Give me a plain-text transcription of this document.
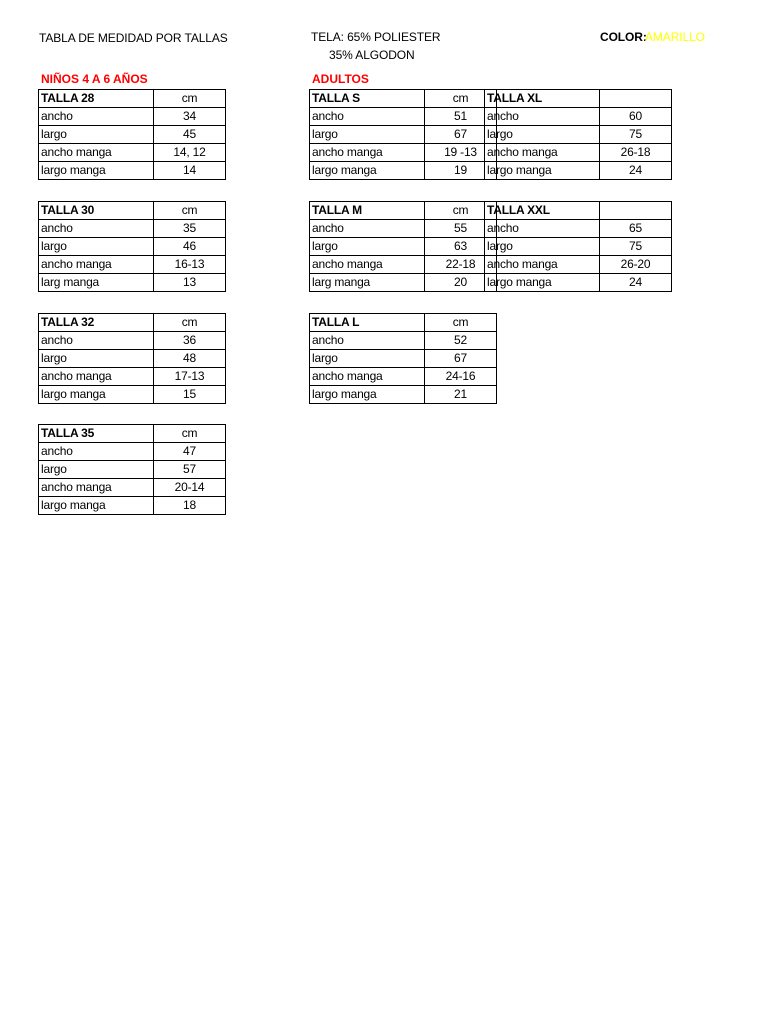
TABLA DE MEDIDAD POR TALLAS	TELA: 65% POLIESTER
35% ALGODON
COLOR:
AMARILLO
NIÑOS 4 A 6 AÑOS	ADULTOS
TALLA 28	cm
ancho	34
largo	45
ancho manga	14, 12
largo manga	14
TALLA 30	cm
ancho	35
largo	46
ancho manga	16-13
larg manga	13
TALLA 32	cm
ancho	36
largo	48
ancho manga	17-13
largo manga	15
TALLA 35	cm
ancho	47
largo	57
ancho manga	20-14
largo manga	18
TALLA S	cm
ancho	51
largo	67
ancho manga	19 -13
largo manga	19
TALLA M	cm
ancho	55
largo	63
ancho manga	22-18
larg manga	20
TALLA L	cm
ancho	52
largo	67
ancho manga	24-16
largo manga	21
TALLA XL	
ancho	60
largo	75
ancho manga	26-18
largo manga	24
TALLA XXL	
ancho	65
largo	75
ancho manga	26-20
largo manga	24
